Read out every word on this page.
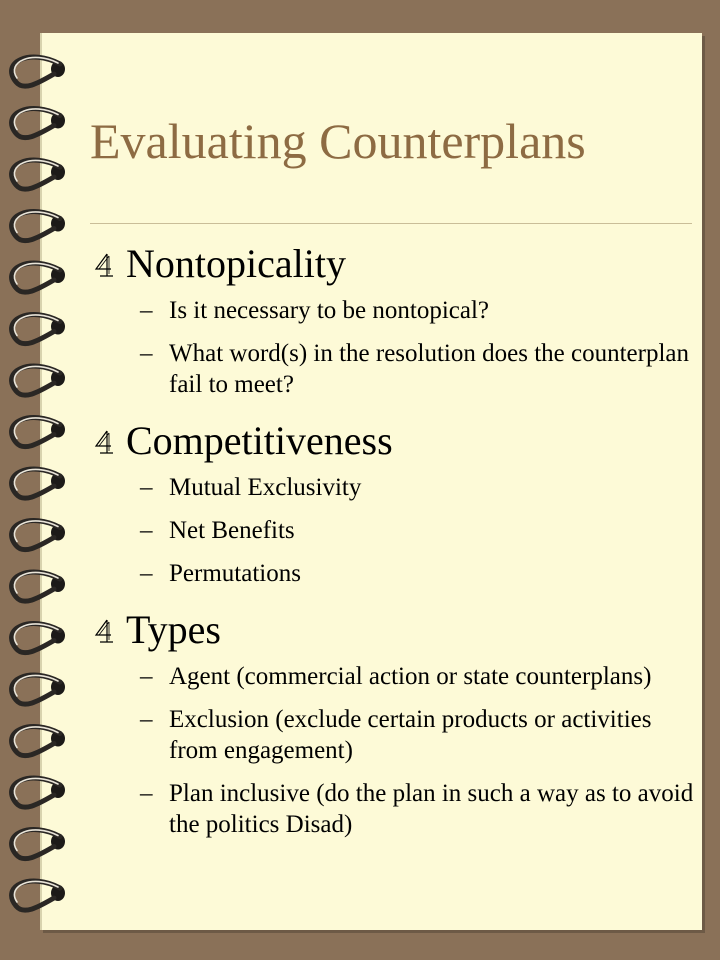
Evaluating Counterplans
Nontopicality
– Is it necessary to be nontopical?
– What word(s) in the resolution does the counterplan fail to meet?
Competitiveness
– Mutual Exclusivity
– Net Benefits
– Permutations
Types
– Agent (commercial action or state counterplans)
– Exclusion (exclude certain products or activities from engagement)
– Plan inclusive (do the plan in such a way as to avoid the politics Disad)
